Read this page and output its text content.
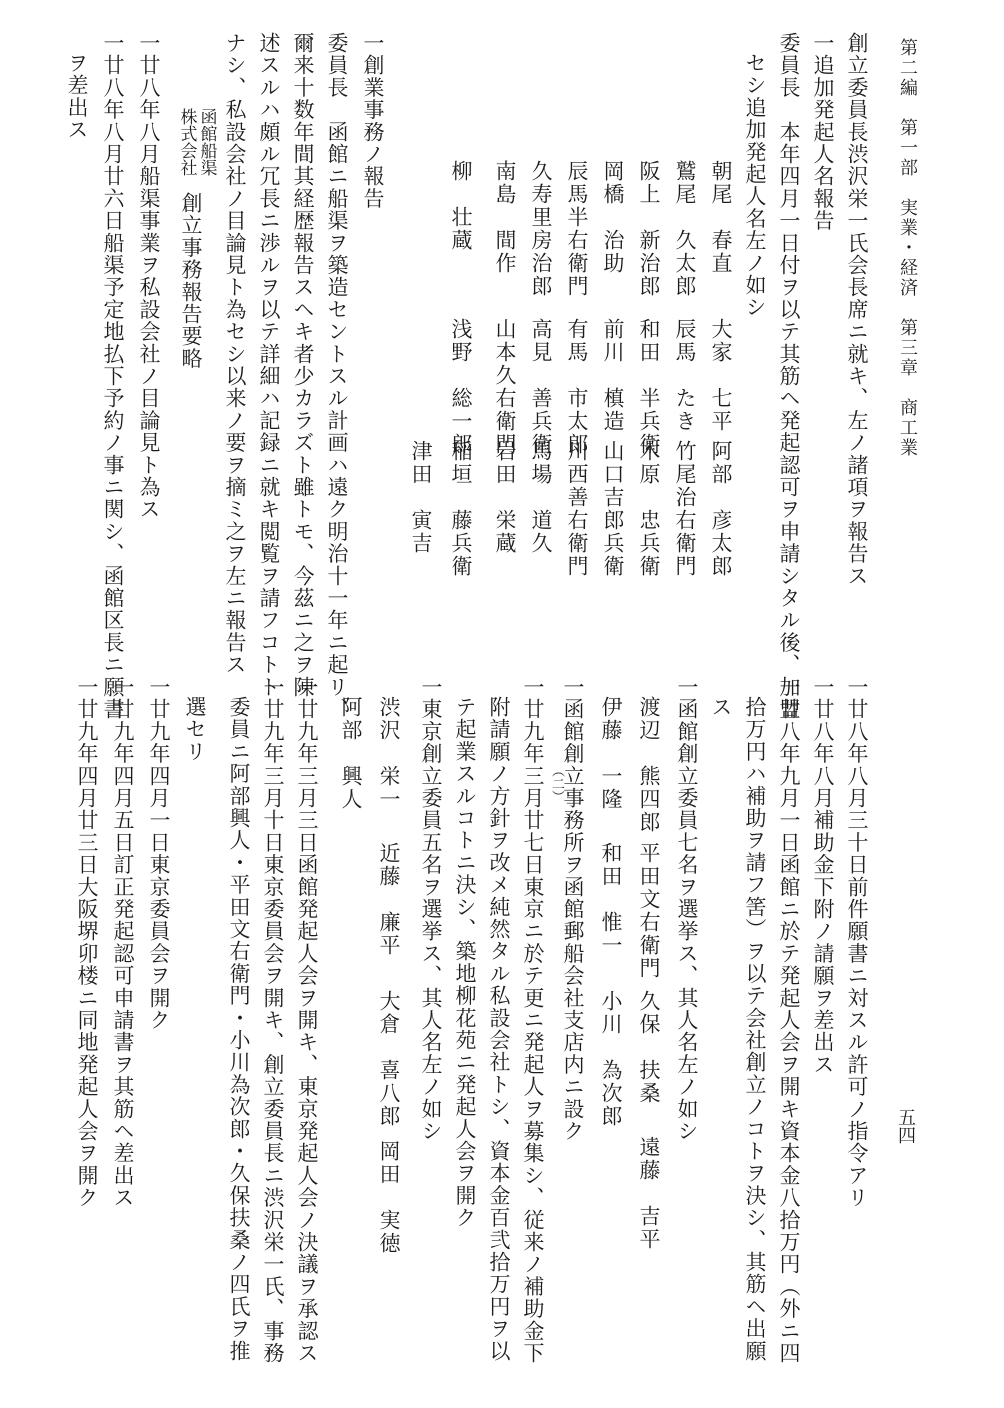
第二編　第一部　実業・経済　第三章　商工業
五四
創立委員長渋沢栄一氏会長席ニ就キ、左ノ諸項ヲ報告ス
一追加発起人名報告
委員長　本年四月一日付ヲ以テ其筋ヘ発起認可ヲ申請シタル後、加盟
セシ追加発起人名左ノ如シ
朝尾　春直
大家　七平
阿部　彦太郎
鷲尾　久太郎
辰馬　たき
竹尾治右衛門
阪上　新治郎
和田　半兵衛
木原　忠兵衛
岡橋　治助
前川　槙造
山口吉郎兵衛
辰馬半右衛門
有馬　市太郎
川西善右衛門
久寿里房治郎
高見　善兵衛
馬場　道久
南島　間作
山本久右衛門
岩田　栄蔵
柳　壮蔵
浅野　総一郎
稲垣　藤兵衛
津田　寅吉
一創業事務ノ報告
委員長　函館ニ船渠ヲ築造セントスル計画ハ遠ク明治十一年ニ起リ、
爾来十数年間其経歴報告スヘキ者少カラズト雖トモ、今茲ニ之ヲ陳
述スルハ頗ル冗長ニ渉ルヲ以テ詳細ハ記録ニ就キ閲覧ヲ請フコトト
ナシ、私設会社ノ目論見ト為セシ以来ノ要ヲ摘ミ之ヲ左ニ報告ス
函館船渠
株式会社
創立事務報告要略
一廿八年八月船渠事業ヲ私設会社ノ目論見ト為ス
一廿八年八月廿六日船渠予定地払下予約ノ事ニ関シ、函館区長ニ願書
ヲ差出ス
一廿八年八月三十日前件願書ニ対スル許可ノ指令アリ
一廿八年八月補助金下附ノ請願ヲ差出ス
一廿八年九月一日函館ニ於テ発起人会ヲ開キ資本金八拾万円（外ニ四
拾万円ハ補助ヲ請フ筈）ヲ以テ会社創立ノコトヲ決シ、其筋ヘ出願
ス
一函館創立委員七名ヲ選挙ス、其人名左ノ如シ
渡辺　熊四郎
平田文右衛門
久保　扶桑
遠藤　吉平
伊藤　一隆
和田　惟一
小川　為次郎
一函館創立事務所ヲ函館郵船会社支店内ニ設ク
（二）
一廿九年三月廿七日東京ニ於テ更ニ発起人ヲ募集シ、従来ノ補助金下
附請願ノ方針ヲ改メ純然タル私設会社トシ、資本金百弐拾万円ヲ以
テ起業スルコトニ決シ、築地柳花苑ニ発起人会ヲ開ク
一東京創立委員五名ヲ選挙ス、其人名左ノ如シ
渋沢　栄一
近藤　廉平
大倉　喜八郎
岡田　実徳
阿部　興人
一廿九年三月三日函館発起人会ヲ開キ、東京発起人会ノ決議ヲ承認ス
一廿九年三月十日東京委員会ヲ開キ、創立委員長ニ渋沢栄一氏、事務
委員ニ阿部興人・平田文右衛門・小川為次郎・久保扶桑ノ四氏ヲ推
選セリ
一廿九年四月一日東京委員会ヲ開ク
一廿九年四月五日訂正発起認可申請書ヲ其筋ヘ差出ス
一廿九年四月廿三日大阪堺卯楼ニ同地発起人会ヲ開ク
